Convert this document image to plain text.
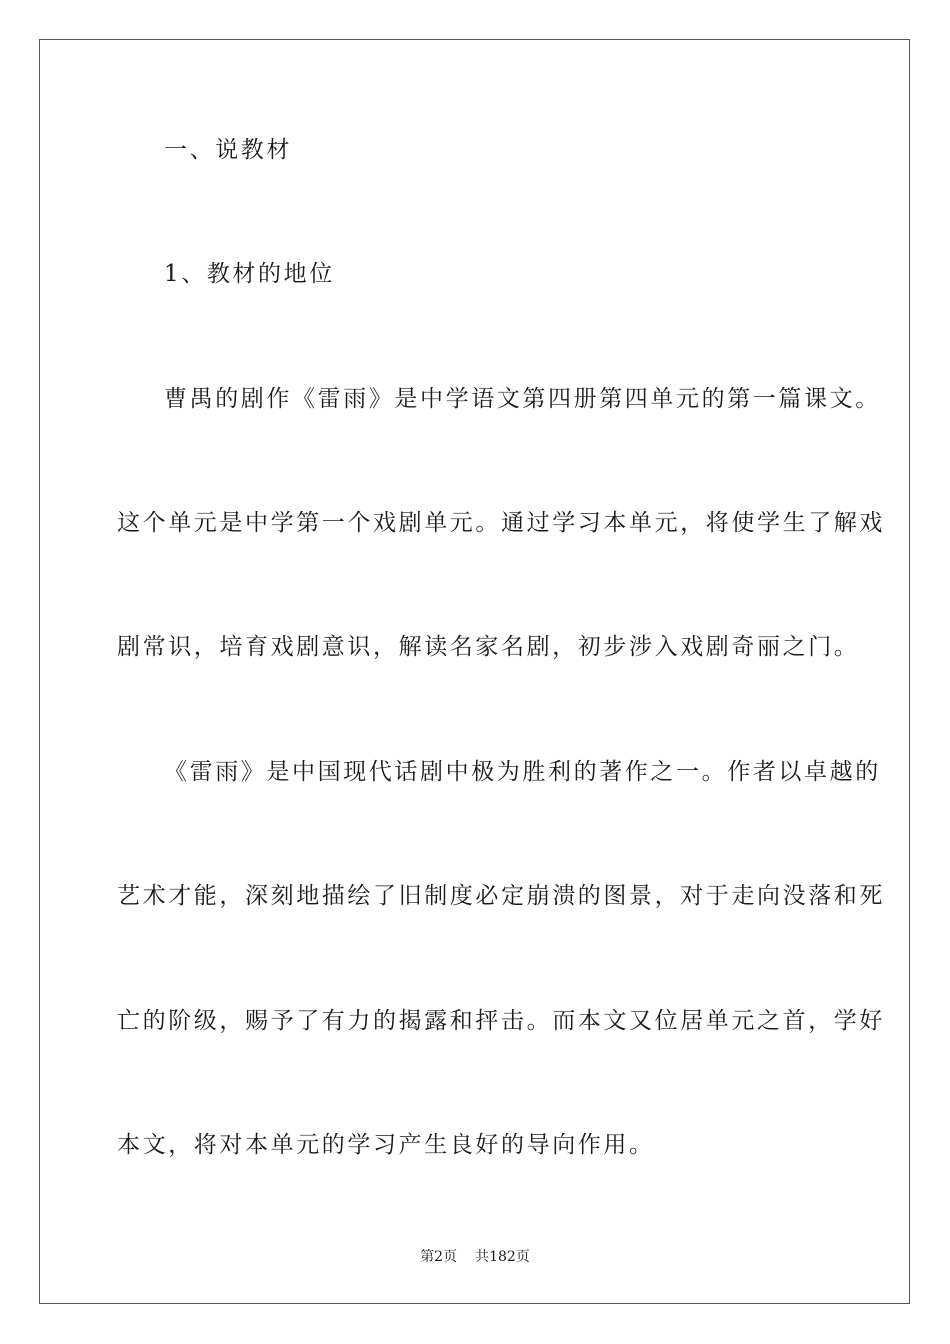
一、说教材
1、教材的地位
曹禺的剧作《雷雨》是中学语文第四册第四单元的第一篇课文。
这个单元是中学第一个戏剧单元。通过学习本单元，将使学生了解戏
剧常识，培育戏剧意识，解读名家名剧，初步涉入戏剧奇丽之门。
《雷雨》是中国现代话剧中极为胜利的著作之一。作者以卓越的
艺术才能，深刻地描绘了旧制度必定崩溃的图景，对于走向没落和死
亡的阶级，赐予了有力的揭露和抨击。而本文又位居单元之首，学好
本文，将对本单元的学习产生良好的导向作用。
第2页 共182页
